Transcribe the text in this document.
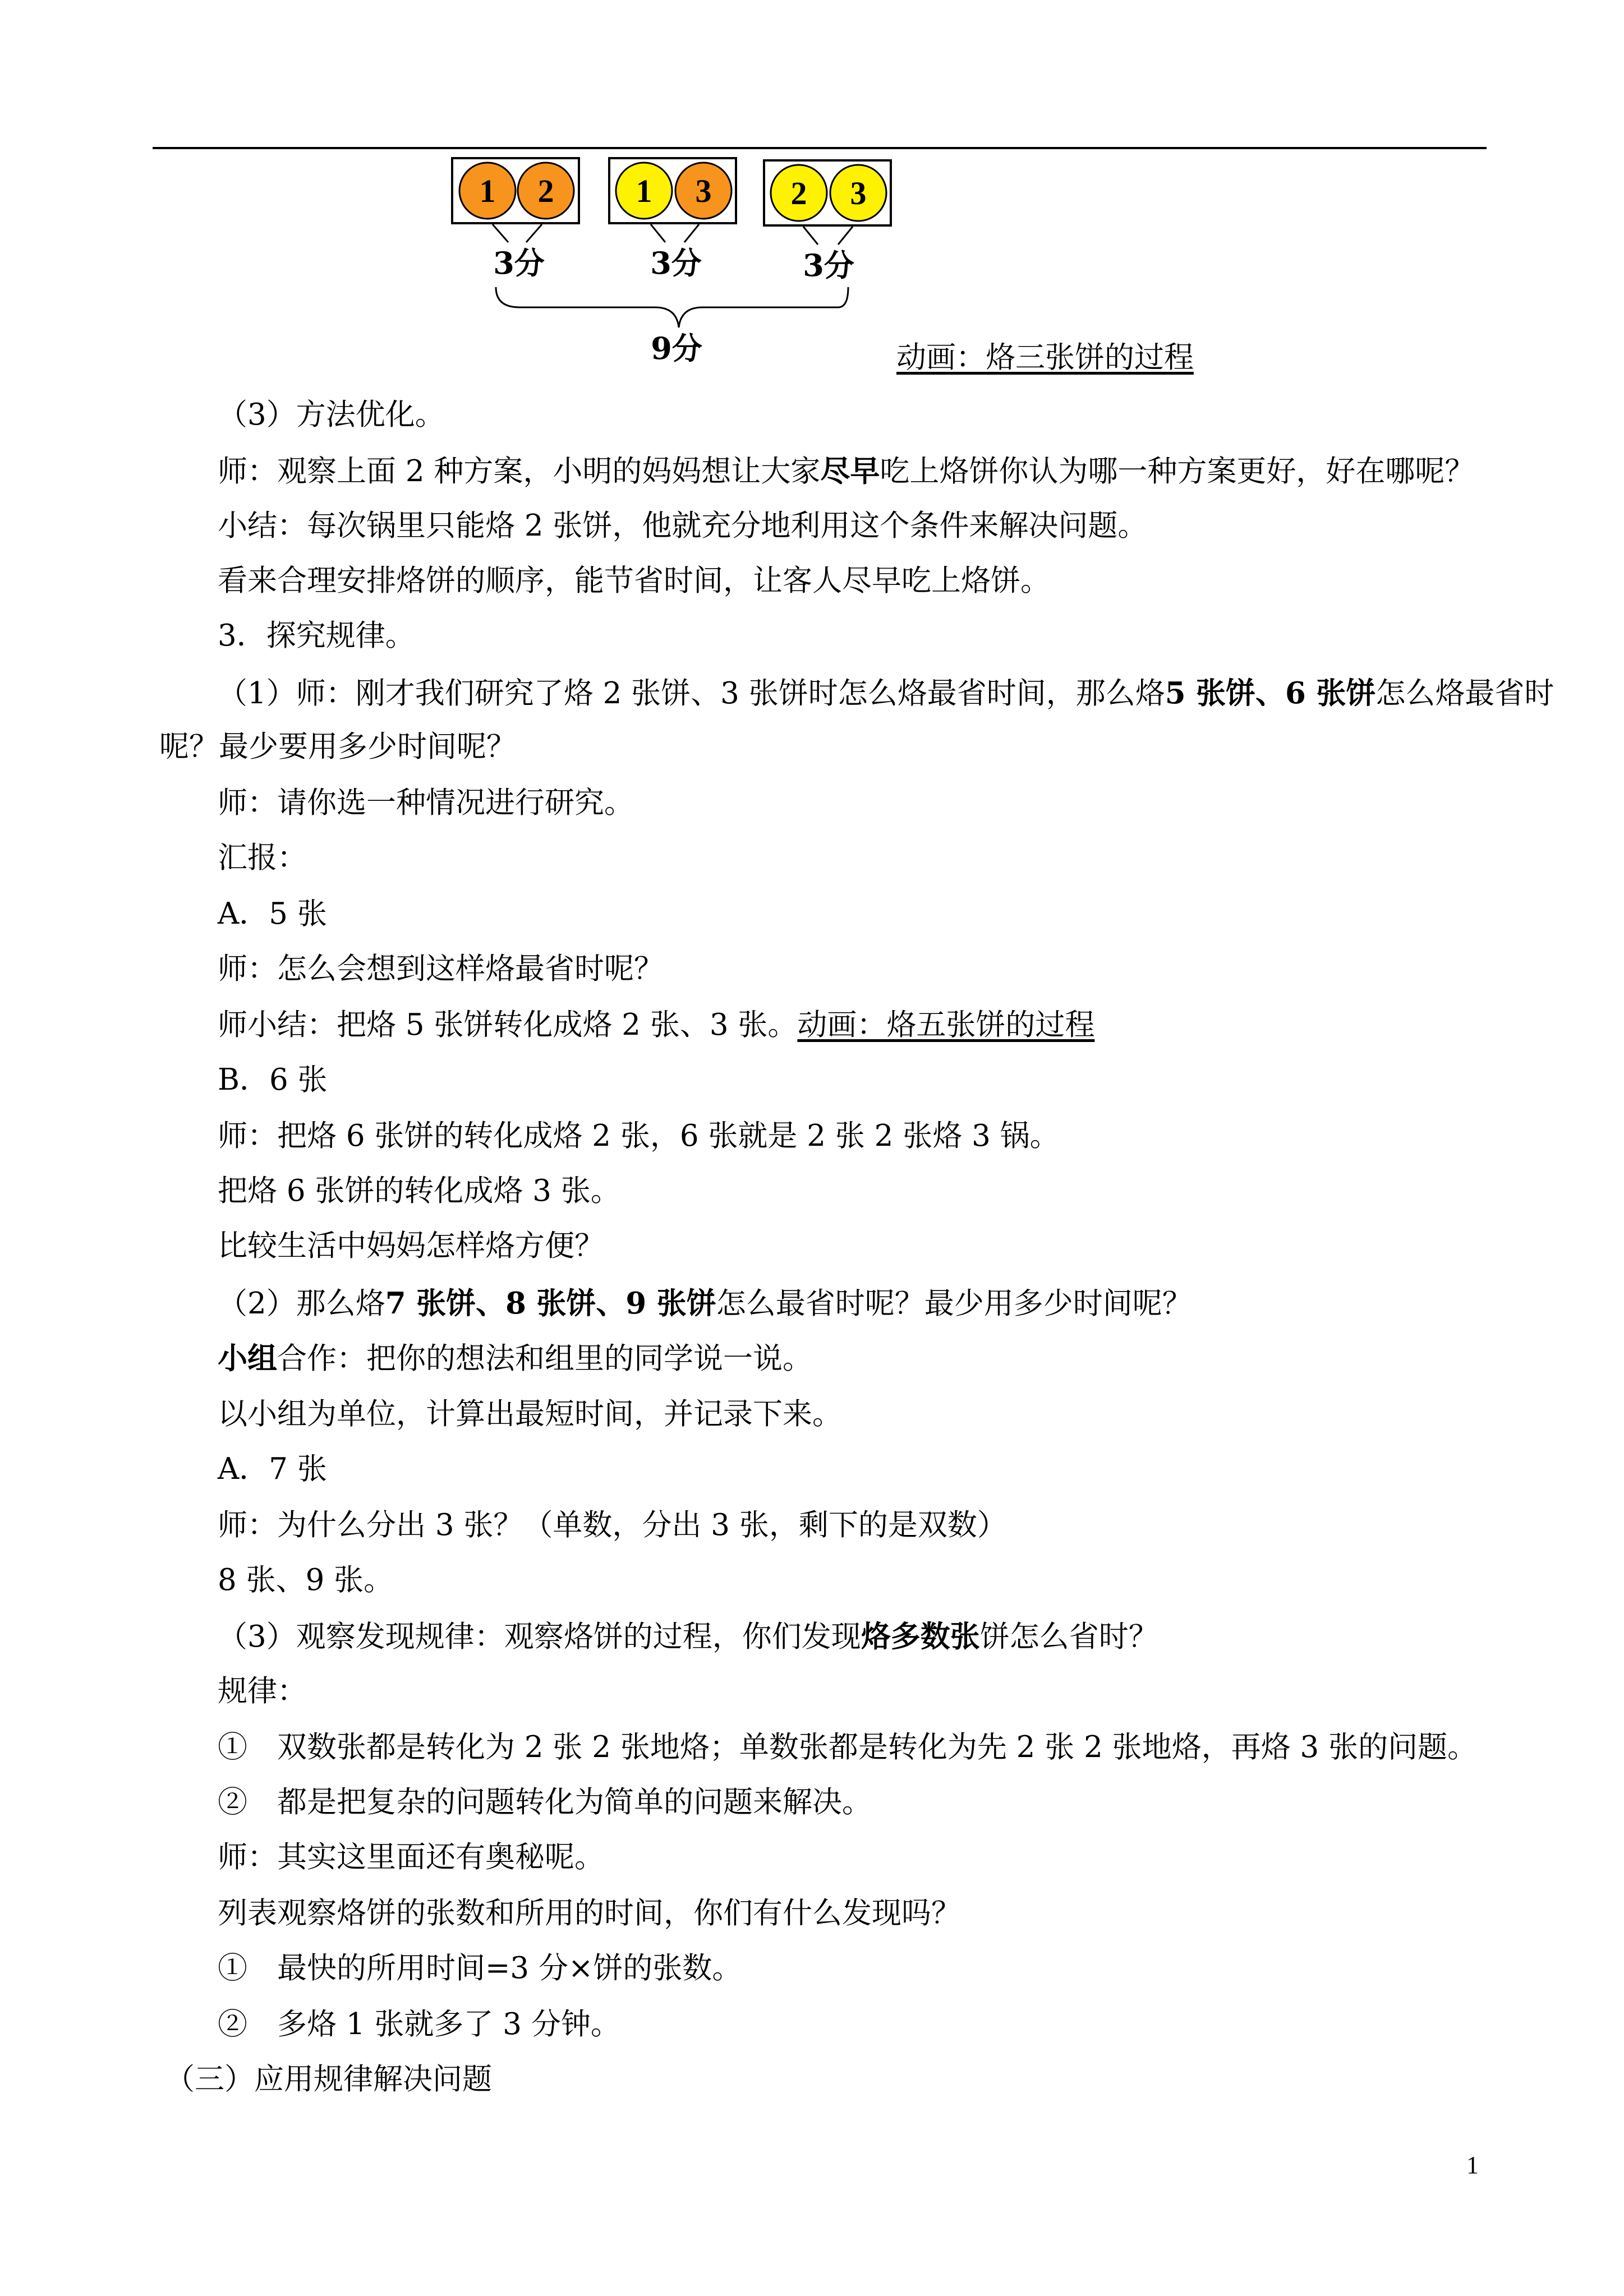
1 2
3分
1 3
3分
2 3
3分
9分	动画：烙三张饼的过程
（3）方法优化。
师：观察上面 2 种方案，小明的妈妈想让大家尽早吃上烙饼你认为哪一种方案更好，好在哪呢？
小结：每次锅里只能烙 2 张饼，他就充分地利用这个条件来解决问题。
看来合理安排烙饼的顺序，能节省时间，让客人尽早吃上烙饼。
3．探究规律。
（1）师：刚才我们研究了烙 2 张饼、3 张饼时怎么烙最省时间，那么烙5 张饼、6 张饼怎么烙最省时
呢？最少要用多少时间呢？
师：请你选一种情况进行研究。
汇报：
A．5 张
师：怎么会想到这样烙最省时呢？
师小结：把烙 5 张饼转化成烙 2 张、3 张。动画：烙五张饼的过程
B．6 张
师：把烙 6 张饼的转化成烙 2 张，6 张就是 2 张 2 张烙 3 锅。
把烙 6 张饼的转化成烙 3 张。
比较生活中妈妈怎样烙方便？
（2）那么烙7 张饼、8 张饼、9 张饼怎么最省时呢？最少用多少时间呢？
小组合作：把你的想法和组里的同学说一说。
以小组为单位，计算出最短时间，并记录下来。
A．7 张
师：为什么分出 3 张？（单数，分出 3 张，剩下的是双数）
8 张、9 张。
（3）观察发现规律：观察烙饼的过程，你们发现烙多数张饼怎么省时？
规律：
①　双数张都是转化为 2 张 2 张地烙；单数张都是转化为先 2 张 2 张地烙，再烙 3 张的问题。
②　都是把复杂的问题转化为简单的问题来解决。
师：其实这里面还有奥秘呢。
列表观察烙饼的张数和所用的时间，你们有什么发现吗？
①　最快的所用时间=3 分×饼的张数。
②　多烙 1 张就多了 3 分钟。
（三）应用规律解决问题
1
